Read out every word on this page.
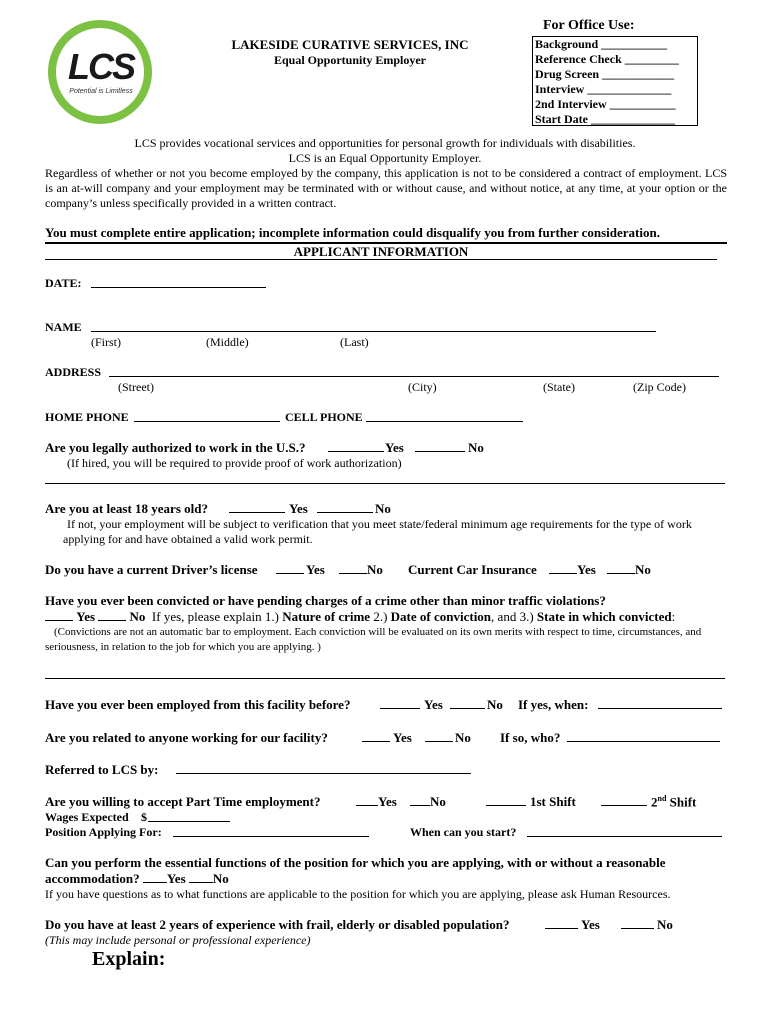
LCS
Potential is Limitless
LAKESIDE CURATIVE SERVICES, INC
Equal Opportunity Employer
For Office Use:
Background ___________
Reference Check _________
Drug Screen ____________
Interview ______________
2nd Interview ___________
Start Date ______________
LCS provides vocational services and opportunities for personal growth for individuals with disabilities.
LCS is an Equal Opportunity Employer.
Regardless of whether or not you become employed by the company, this application is not to be considered a contract of employment. LCS is an at-will company and your employment may be terminated with or without cause, and without notice, at any time, at your option or the company’s unless specifically provided in a written contract.
You must complete entire application; incomplete information could disqualify you from further consideration.
APPLICANT INFORMATION
DATE:
NAME
(First)	(Middle)	(Last)
ADDRESS
(Street)	(City)	(State)	(Zip Code)
HOME PHONE	CELL PHONE
Are you legally authorized to work in the U.S.?	Yes	No
(If hired, you will be required to provide proof of work authorization)
Are you at least 18 years old?	Yes	No
If not, your employment will be subject to verification that you meet state/federal minimum age requirements for the type of work applying for and have obtained a valid work permit.
Do you have a current Driver’s license	Yes	No Current Car Insurance	Yes	No
Have you ever been convicted or have pending charges of a crime other than minor traffic violations?
Yes	No If yes, please explain 1.) Nature of crime 2.) Date of conviction, and 3.) State in which convicted:
(Convictions are not an automatic bar to employment. Each conviction will be evaluated on its own merits with respect to time, circumstances, and seriousness, in relation to the job for which you are applying. )
Have you ever been employed from this facility before?	Yes	No If yes, when:
Are you related to anyone working for our facility?	Yes	No If so, who?
Referred to LCS by:
Are you willing to accept Part Time employment?	Yes	No	1st Shift	2nd Shift
Wages Expected $
Position Applying For:	When can you start?
Can you perform the essential functions of the position for which you are applying, with or without a reasonable
accommodation? Yes No
If you have questions as to what functions are applicable to the position for which you are applying, please ask Human Resources.
Do you have at least 2 years of experience with frail, elderly or disabled population?	Yes	No
(This may include personal or professional experience)
Explain:
